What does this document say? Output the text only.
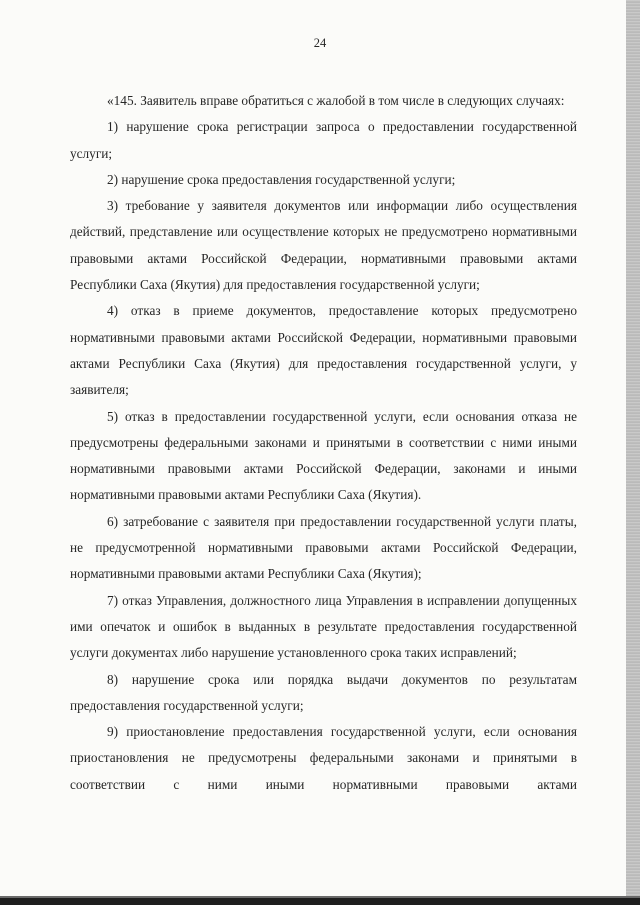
24

«145. Заявитель вправе обратиться с жалобой в том числе в следующих случаях:

1) нарушение срока регистрации запроса о предоставлении государственной услуги;

2) нарушение срока предоставления государственной услуги;

3) требование у заявителя документов или информации либо осуществления действий, представление или осуществление которых не предусмотрено нормативными правовыми актами Российской Федерации, нормативными правовыми актами Республики Саха (Якутия) для предоставления государственной услуги;

4) отказ в приеме документов, предоставление которых предусмотрено нормативными правовыми актами Российской Федерации, нормативными правовыми актами Республики Саха (Якутия) для предоставления государственной услуги, у заявителя;

5) отказ в предоставлении государственной услуги, если основания отказа не предусмотрены федеральными законами и принятыми в соответствии с ними иными нормативными правовыми актами Российской Федерации, законами и иными нормативными правовыми актами Республики Саха (Якутия).

6) затребование с заявителя при предоставлении государственной услуги платы, не предусмотренной нормативными правовыми актами Российской Федерации, нормативными правовыми актами Республики Саха (Якутия);

7) отказ Управления, должностного лица Управления в исправлении допущенных ими опечаток и ошибок в выданных в результате предоставления государственной услуги документах либо нарушение установленного срока таких исправлений;

8) нарушение срока или порядка выдачи документов по результатам предоставления государственной услуги;

9) приостановление предоставления государственной услуги, если основания приостановления не предусмотрены федеральными законами и принятыми в соответствии с ними иными нормативными правовыми актами
